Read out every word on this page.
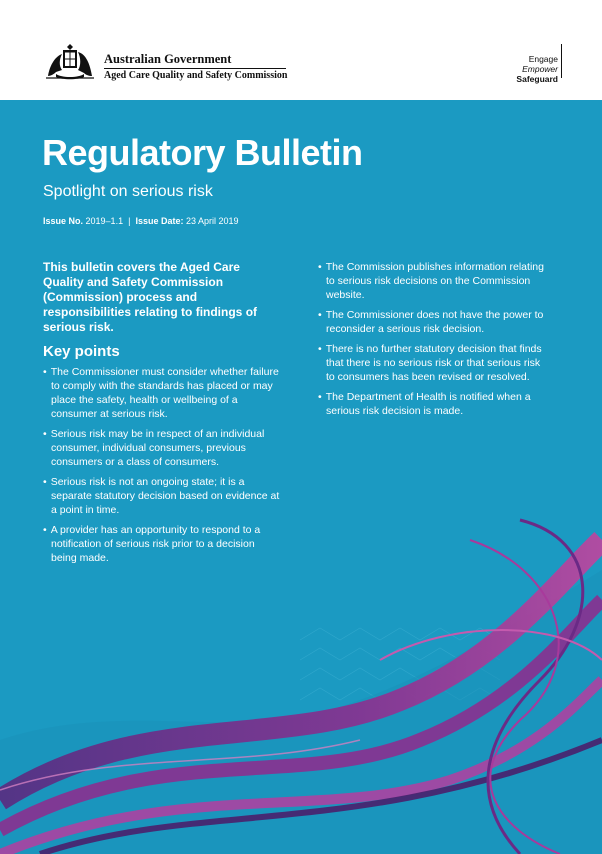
Australian Government
Aged Care Quality and Safety Commission
Engage
Empower
Safeguard
Regulatory Bulletin
Spotlight on serious risk
Issue No. 2019–1.1 | Issue Date: 23 April 2019

This bulletin covers the Aged Care Quality and Safety Commission (Commission) process and responsibilities relating to findings of serious risk.

Key points
• The Commissioner must consider whether failure to comply with the standards has placed or may place the safety, health or wellbeing of a consumer at serious risk.
• Serious risk may be in respect of an individual consumer, individual consumers, previous consumers or a class of consumers.
• Serious risk is not an ongoing state; it is a separate statutory decision based on evidence at a point in time.
• A provider has an opportunity to respond to a notification of serious risk prior to a decision being made.
• The Commission publishes information relating to serious risk decisions on the Commission website.
• The Commissioner does not have the power to reconsider a serious risk decision.
• There is no further statutory decision that finds that there is no serious risk or that serious risk to consumers has been revised or resolved.
• The Department of Health is notified when a serious risk decision is made.
